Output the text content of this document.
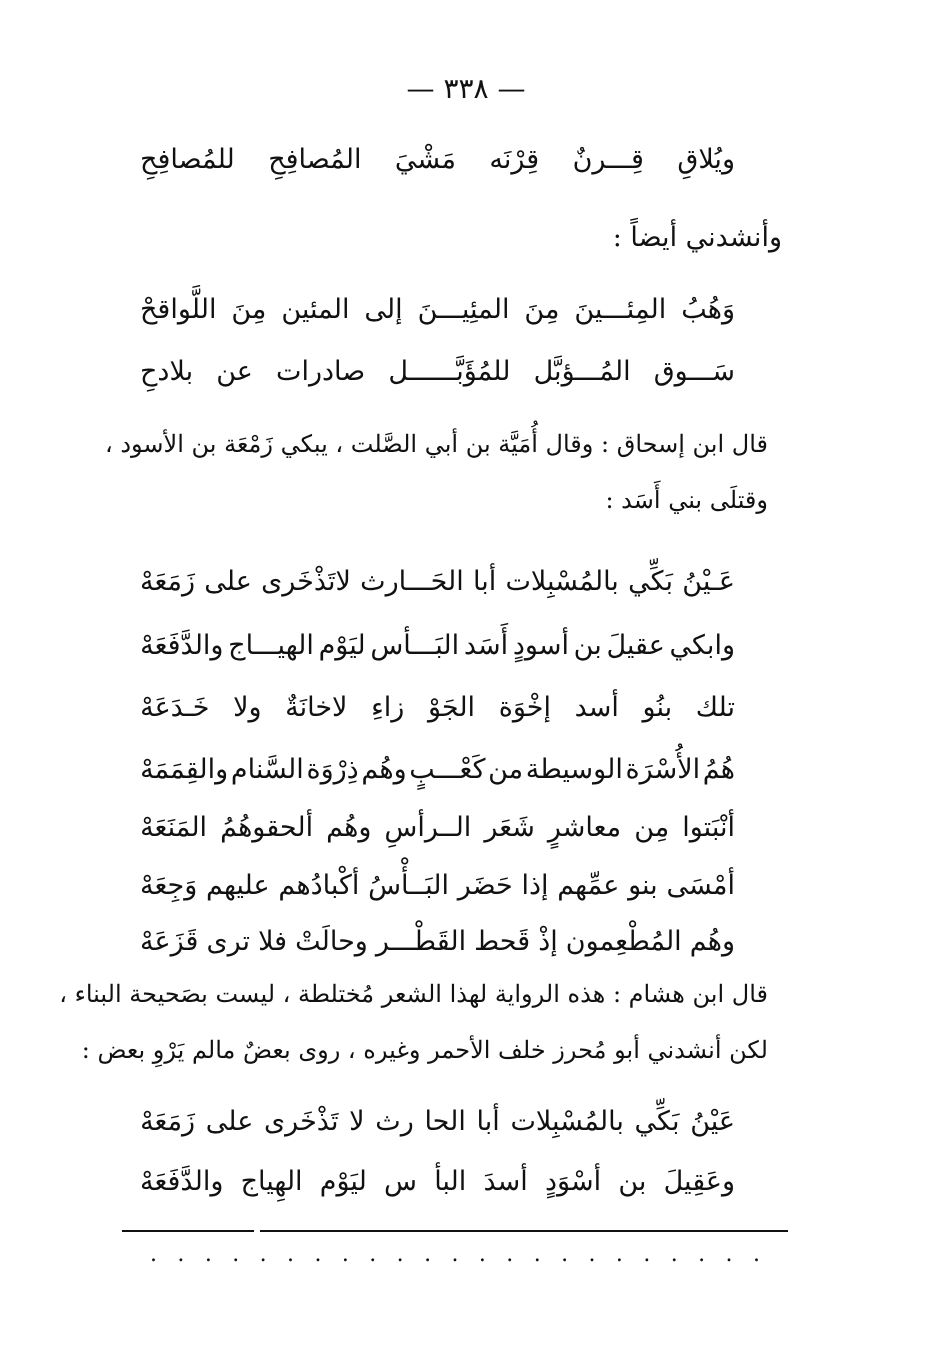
— ٣٣٨ —
ويُلاقِ
قِـــرنٌ
قِرْنَه
مَشْيَ
المُصافِحِ
للمُصافِحِ
وأنشدني أيضاً :
وَهُبُ
المِئـــينَ
مِنَ
المئِيـــنَ
إلى
المئين
مِنَ
اللَّواقحْ
سَـــوق
المُـــؤبَّل
للمُؤَبَّــــــل
صادرات
عن
بلادحِ
قال ابن إسحاق : وقال أُمَيَّة بن أبي الصَّلت ، يبكي زَمْعَة بن الأسود ،
وقتلَى بني أَسَد :
عَـيْنُ
بَكِّي
بالمُسْبِلات
أبا
الحَـــارث
لاتَذْخَرى
على
زَمَعَهْ
وابكي
عقيلَ
بن
أسودٍ
أَسَد
البَـــأس
ليَوْم
الهيـــاج
والدَّفَعَهْ
تلك
بنُو
أسد
إخْوَة
الجَوْ
زاءِ
لاخانَةٌ
ولا
خَـدَعَهْ
هُمُ
الأُسْرَة
الوسيطة
من
كَعْـــبٍ
وهُم
ذِرْوَة
السَّنام
والقِمَمَهْ
أنْبَتوا
مِن
معاشرٍ
شَعَر
الــرأسِ
وهُم
ألحقوهُمُ
المَنَعَهْ
أمْسَى
بنو
عمِّهم
إذا
حَضَر
البَــأْسُ
أكْبادُهم
عليهم
وَجِعَهْ
وهُم
المُطْعِمون
إذْ
قَحط
القَطْـــر
وحالَتْ
فلا
ترى
قَزَعَهْ
قال ابن هشام : هذه الرواية لهذا الشعر مُختلطة ، ليست بصَحيحة البناء ،
لكن أنشدني أبو مُحرز خلف الأحمر وغيره ، روى بعضٌ مالم يَرْوِ بعض :
عَيْنُ
بَكِّي
بالمُسْبِلات
أبا
الحا
رث
لا
تَذْخَرى
على
زَمَعَهْ
وعَقِيلَ
بن
أسْوَدٍ
أسدَ
البأ
س
ليَوْم
الهِياج
والدَّفَعَهْ
. . . . . . . . . . . . . . . . . . . . . . .
